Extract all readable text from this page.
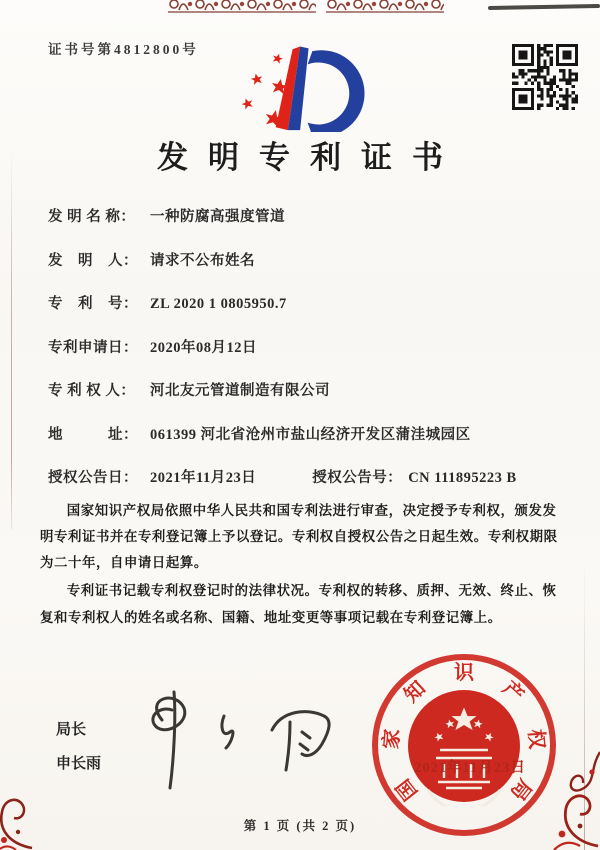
证书号第4812800号
发明专利证书
发 明 名 称： 一种防腐高强度管道
发　明　人： 请求不公布姓名
专　利　号： ZL 2020 1 0805950.7
专利申请日： 2020年08月12日
专 利 权 人： 河北友元管道制造有限公司
地　　　址： 061399 河北省沧州市盐山经济开发区蒲洼城园区
授权公告日： 2021年11月23日	授权公告号： CN 111895223 B

国家知识产权局依照中华人民共和国专利法进行审查，决定授予专利权，颁发发明专利证书并在专利登记簿上予以登记。专利权自授权公告之日起生效。专利权期限为二十年，自申请日起算。

专利证书记载专利权登记时的法律状况。专利权的转移、质押、无效、终止、恢复和专利权人的姓名或名称、国籍、地址变更等事项记载在专利登记簿上。

局长
申长雨
国
家
知
识
产
权
局
2021年11月23日
第 1 页 (共 2 页)
